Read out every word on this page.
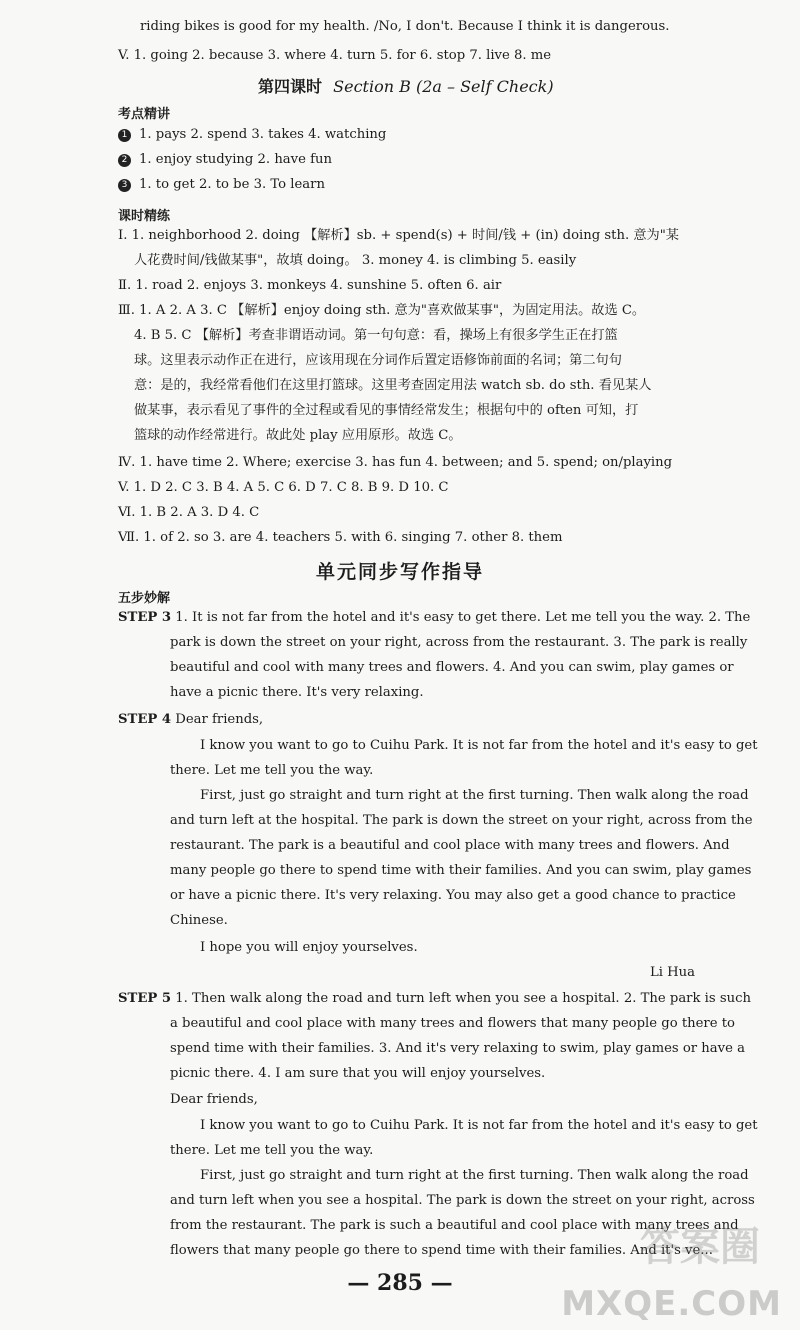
riding bikes is good for my health. /No, I don't. Because I think it is dangerous.
V. 1. going 2. because 3. where 4. turn 5. for 6. stop 7. live 8. me
第四课时 Section B (2a – Self Check)
考点精讲
1 1. pays 2. spend 3. takes 4. watching
2 1. enjoy studying 2. have fun
3 1. to get 2. to be 3. To learn
课时精练
Ⅰ. 1. neighborhood 2. doing 【解析】sb. + spend(s) + 时间/钱 + (in) doing sth. 意为"某
人花费时间/钱做某事"，故填 doing。 3. money 4. is climbing 5. easily
Ⅱ. 1. road 2. enjoys 3. monkeys 4. sunshine 5. often 6. air
Ⅲ. 1. A 2. A 3. C 【解析】enjoy doing sth. 意为"喜欢做某事"，为固定用法。故选 C。
4. B 5. C 【解析】考查非谓语动词。第一句句意：看，操场上有很多学生正在打篮
球。这里表示动作正在进行，应该用现在分词作后置定语修饰前面的名词；第二句句
意：是的，我经常看他们在这里打篮球。这里考查固定用法 watch sb. do sth. 看见某人
做某事，表示看见了事件的全过程或看见的事情经常发生；根据句中的 often 可知，打
篮球的动作经常进行。故此处 play 应用原形。故选 C。
Ⅳ. 1. have time 2. Where; exercise 3. has fun 4. between; and 5. spend; on/playing
V. 1. D 2. C 3. B 4. A 5. C 6. D 7. C 8. B 9. D 10. C
Ⅵ. 1. B 2. A 3. D 4. C
Ⅶ. 1. of 2. so 3. are 4. teachers 5. with 6. singing 7. other 8. them
单元同步写作指导
五步妙解
STEP 3 1. It is not far from the hotel and it's easy to get there. Let me tell you the way. 2. The
park is down the street on your right, across from the restaurant. 3. The park is really
beautiful and cool with many trees and flowers. 4. And you can swim, play games or
have a picnic there. It's very relaxing.
STEP 4 Dear friends,
I know you want to go to Cuihu Park. It is not far from the hotel and it's easy to get
there. Let me tell you the way.
First, just go straight and turn right at the first turning. Then walk along the road
and turn left at the hospital. The park is down the street on your right, across from the
restaurant. The park is a beautiful and cool place with many trees and flowers. And
many people go there to spend time with their families. And you can swim, play games
or have a picnic there. It's very relaxing. You may also get a good chance to practice
Chinese.
I hope you will enjoy yourselves.
Li Hua
STEP 5 1. Then walk along the road and turn left when you see a hospital. 2. The park is such
a beautiful and cool place with many trees and flowers that many people go there to
spend time with their families. 3. And it's very relaxing to swim, play games or have a
picnic there. 4. I am sure that you will enjoy yourselves.
Dear friends,
I know you want to go to Cuihu Park. It is not far from the hotel and it's easy to get
there. Let me tell you the way.
First, just go straight and turn right at the first turning. Then walk along the road
and turn left when you see a hospital. The park is down the street on your right, across
from the restaurant. The park is such a beautiful and cool place with many trees and
flowers that many people go there to spend time with their families. And it's ve...
— 285 —
答案圈
MXQE.COM
